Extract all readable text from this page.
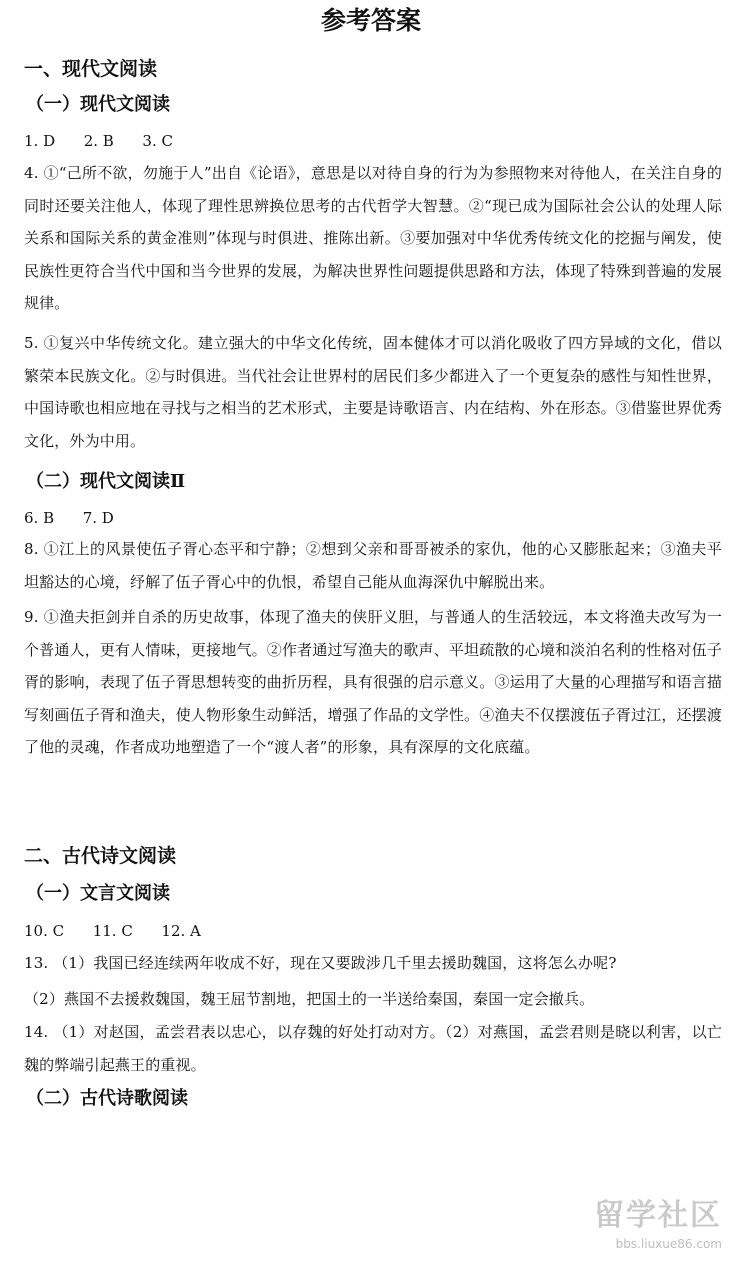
参考答案
一、现代文阅读
（一）现代文阅读
1. D      2. B      3. C
4. ①“己所不欲，勿施于人”出自《论语》，意思是以对待自身的行为为参照物来对待他人，在关注自身的同时还要关注他人，体现了理性思辨换位思考的古代哲学大智慧。②“现已成为国际社会公认的处理人际关系和国际关系的黄金准则”体现与时俱进、推陈出新。③要加强对中华优秀传统文化的挖掘与阐发，使民族性更符合当代中国和当今世界的发展，为解决世界性问题提供思路和方法，体现了特殊到普遍的发展规律。
5. ①复兴中华传统文化。建立强大的中华文化传统，固本健体才可以消化吸收了四方异域的文化，借以繁荣本民族文化。②与时俱进。当代社会让世界村的居民们多少都进入了一个更复杂的感性与知性世界，中国诗歌也相应地在寻找与之相当的艺术形式，主要是诗歌语言、内在结构、外在形态。③借鉴世界优秀文化，外为中用。
（二）现代文阅读Ⅱ
6. B      7. D
8. ①江上的风景使伍子胥心态平和宁静；②想到父亲和哥哥被杀的家仇，他的心又膨胀起来；③渔夫平坦豁达的心境，纾解了伍子胥心中的仇恨，希望自己能从血海深仇中解脱出来。
9. ①渔夫拒剑并自杀的历史故事，体现了渔夫的侠肝义胆，与普通人的生活较远，本文将渔夫改写为一个普通人，更有人情味，更接地气。②作者通过写渔夫的歌声、平坦疏散的心境和淡泊名利的性格对伍子胥的影响，表现了伍子胥思想转变的曲折历程，具有很强的启示意义。③运用了大量的心理描写和语言描写刻画伍子胥和渔夫，使人物形象生动鲜活，增强了作品的文学性。④渔夫不仅摆渡伍子胥过江，还摆渡了他的灵魂，作者成功地塑造了一个“渡人者”的形象，具有深厚的文化底蕴。
二、古代诗文阅读
（一）文言文阅读
10. C      11. C      12. A
13. （1）我国已经连续两年收成不好，现在又要跋涉几千里去援助魏国，这将怎么办呢?
（2）燕国不去援救魏国，魏王屈节割地，把国土的一半送给秦国，秦国一定会撤兵。
14. （1）对赵国，孟尝君表以忠心，以存魏的好处打动对方。（2）对燕国，孟尝君则是晓以利害，以亡魏的弊端引起燕王的重视。
（二）古代诗歌阅读
留学社区
bbs.liuxue86.com
